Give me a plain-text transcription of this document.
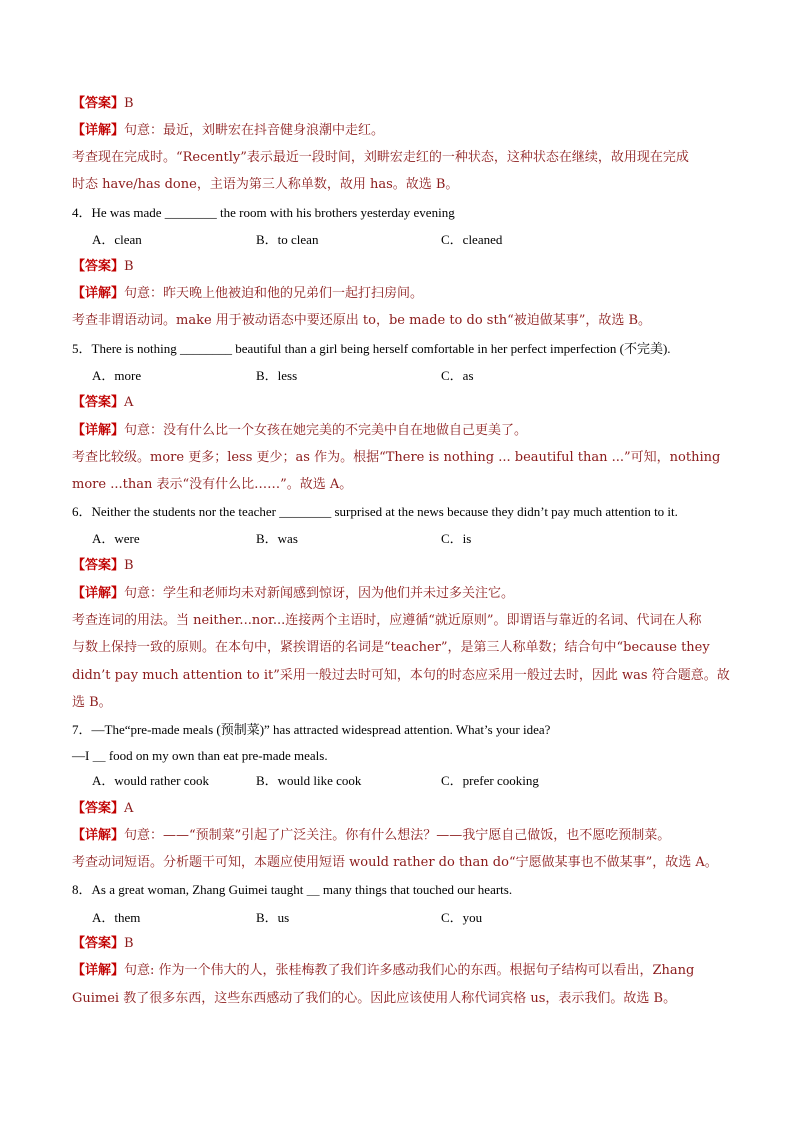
【答案】B
【详解】句意：最近，刘畊宏在抖音健身浪潮中走红。
考查现在完成时。“Recently”表示最近一段时间，刘畊宏走红的一种状态，这种状态在继续，故用现在完成
时态 have/has done，主语为第三人称单数，故用 has。故选 B。
4．He was made ________ the room with his brothers yesterday evening
A．clean	B．to clean	C．cleaned
【答案】B
【详解】句意：昨天晚上他被迫和他的兄弟们一起打扫房间。
考查非谓语动词。make 用于被动语态中要还原出 to，be made to do sth“被迫做某事”，故选 B。
5．There is nothing ________ beautiful than a girl being herself comfortable in her perfect imperfection (不完美).
A．more	B．less	C．as
【答案】A
【详解】句意：没有什么比一个女孩在她完美的不完美中自在地做自己更美了。
考查比较级。more 更多；less 更少；as 作为。根据“There is nothing ... beautiful than ...”可知，nothing
more ...than 表示“没有什么比……”。故选 A。
6．Neither the students nor the teacher ________ surprised at the news because they didn’t pay much attention to it.
A．were	B．was	C．is
【答案】B
【详解】句意：学生和老师均未对新闻感到惊讶，因为他们并未过多关注它。
考查连词的用法。当 neither...nor...连接两个主语时，应遵循“就近原则”。即谓语与靠近的名词、代词在人称
与数上保持一致的原则。在本句中，紧挨谓语的名词是“teacher”，是第三人称单数；结合句中“because they
didn’t pay much attention to it”采用一般过去时可知，本句的时态应采用一般过去时，因此 was 符合题意。故
选 B。
7．—The“pre-made meals (预制菜)” has attracted widespread attention. What’s your idea?
—I ＿ food on my own than eat pre-made meals.
A．would rather cook	B．would like cook	C．prefer cooking
【答案】A
【详解】句意：——“预制菜”引起了广泛关注。你有什么想法？——我宁愿自己做饭，也不愿吃预制菜。
考查动词短语。分析题干可知，本题应使用短语 would rather do than do“宁愿做某事也不做某事”，故选 A。
8．As a great woman, Zhang Guimei taught ＿ many things that touched our hearts.
A．them	B．us	C．you
【答案】B
【详解】句意: 作为一个伟大的人，张桂梅教了我们许多感动我们心的东西。根据句子结构可以看出，Zhang
Guimei 教了很多东西，这些东西感动了我们的心。因此应该使用人称代词宾格 us，表示我们。故选 B。
